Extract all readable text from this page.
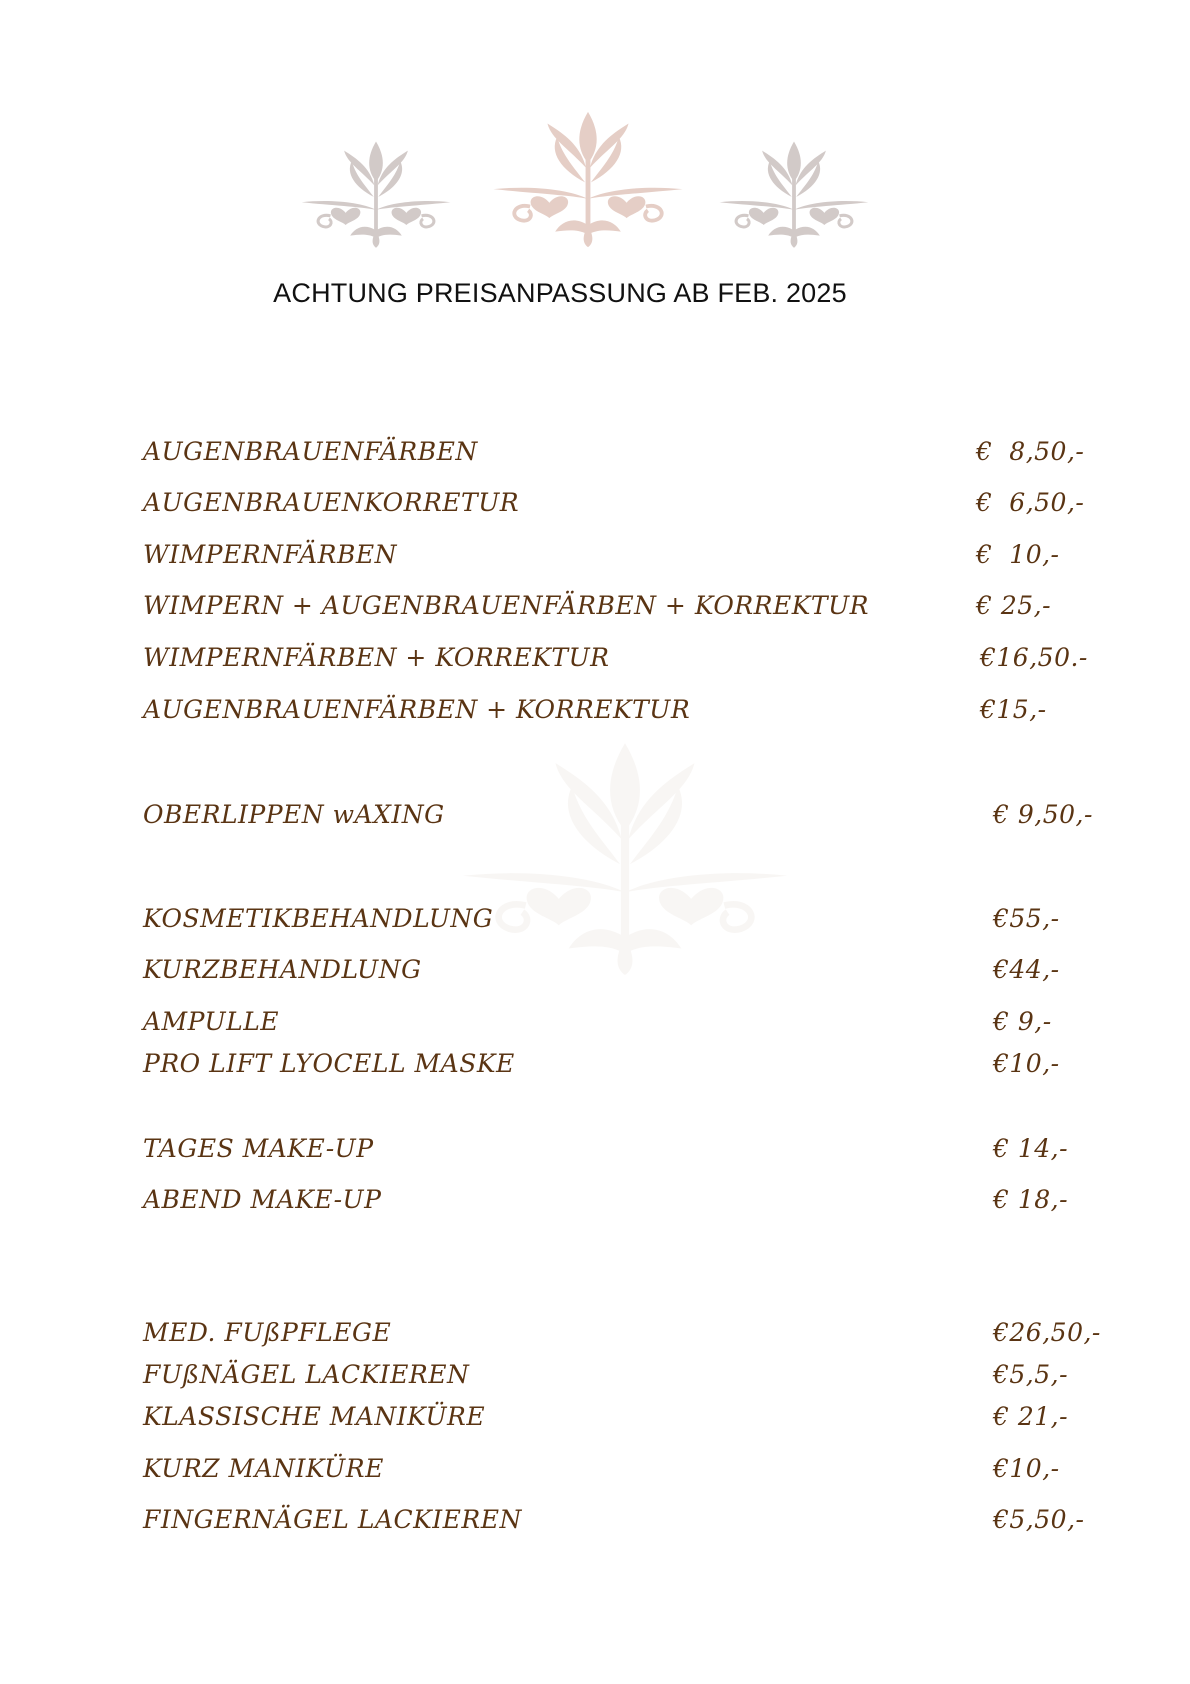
ACHTUNG PREISANPASSUNG AB FEB. 2025
AUGENBRAUENFÄRBEN	€  8,50,-
AUGENBRAUENKORRETUR	€  6,50,-
WIMPERNFÄRBEN	€  10,-
WIMPERN + AUGENBRAUENFÄRBEN + KORREKTUR	€ 25,-
WIMPERNFÄRBEN + KORREKTUR	€16,50.-
AUGENBRAUENFÄRBEN + KORREKTUR	€15,-
OBERLIPPEN wAXING	€ 9,50,-
KOSMETIKBEHANDLUNG	€55,-
KURZBEHANDLUNG	€44,-
AMPULLE	€ 9,-
PRO LIFT LYOCELL MASKE	€10,-
TAGES MAKE-UP	€ 14,-
ABEND MAKE-UP	€ 18,-
MED. FUßPFLEGE	€26,50,-
FUßNÄGEL LACKIEREN	€5,5,-
KLASSISCHE MANIKÜRE	€ 21,-
KURZ MANIKÜRE	€10,-
FINGERNÄGEL LACKIEREN	€5,50,-
